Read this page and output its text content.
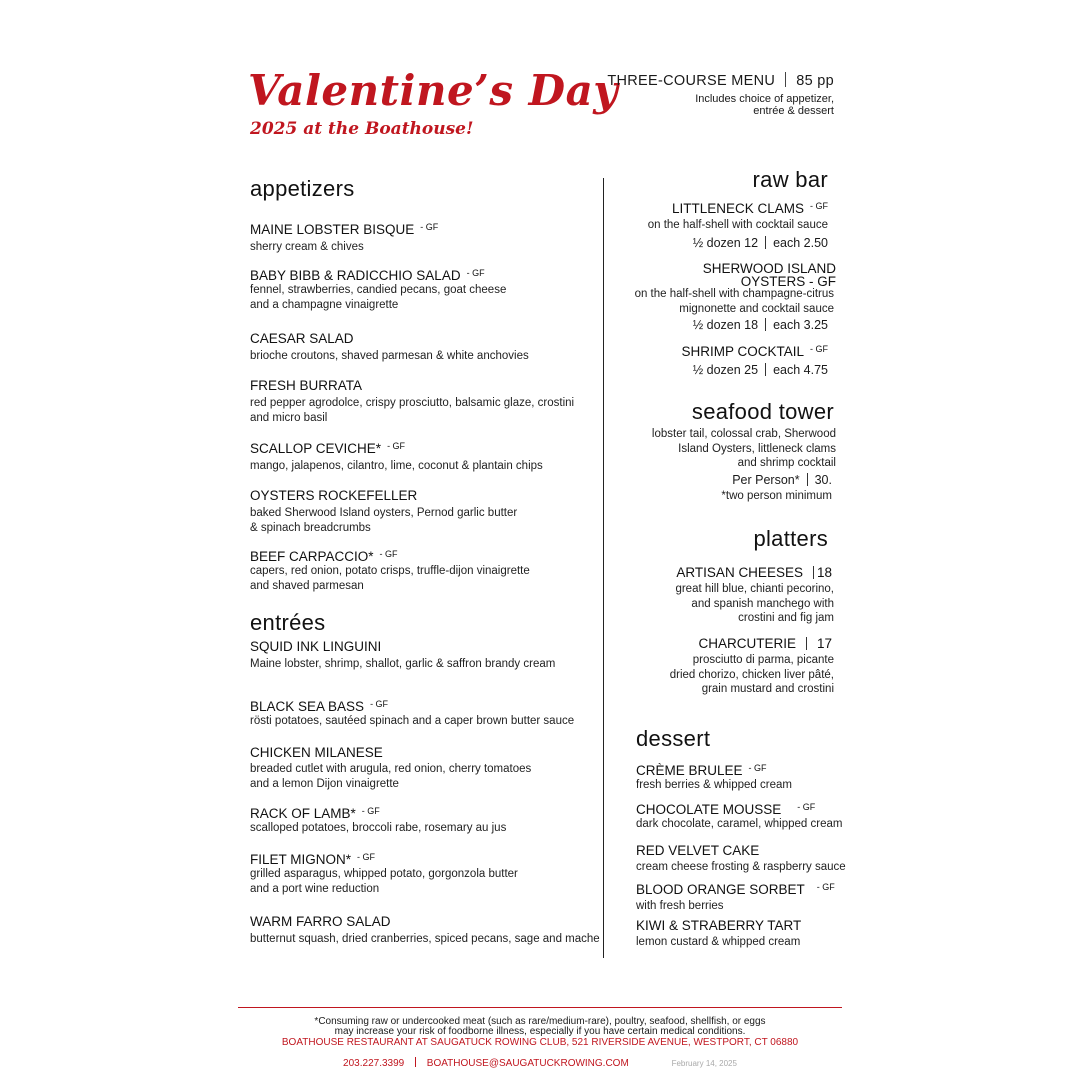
Valentine’s Day
2025 at the Boathouse!
THREE-COURSE MENU 85 pp
Includes choice of appetizer,
entrée & dessert
appetizers
MAINE LOBSTER BISQUE $^{- GF}$
sherry cream & chives
BABY BIBB & RADICCHIO SALAD $^{- GF}$
fennel, strawberries, candied pecans, goat cheese
and a champagne vinaigrette
CAESAR SALAD
brioche croutons, shaved parmesan & white anchovies
FRESH BURRATA
red pepper agrodolce, crispy prosciutto, balsamic glaze, crostini
and micro basil
SCALLOP CEVICHE* $^{- GF}$
mango, jalapenos, cilantro, lime, coconut & plantain chips
OYSTERS ROCKEFELLER
baked Sherwood Island oysters, Pernod garlic butter
& spinach breadcrumbs
BEEF CARPACCIO* $^{- GF}$
capers, red onion, potato crisps, truffle-dijon vinaigrette
and shaved parmesan
entrées
SQUID INK LINGUINI
Maine lobster, shrimp, shallot, garlic & saffron brandy cream
BLACK SEA BASS $^{- GF}$
rösti potatoes, sautéed spinach and a caper brown butter sauce
CHICKEN MILANESE
breaded cutlet with arugula, red onion, cherry tomatoes
and a lemon Dijon vinaigrette
RACK OF LAMB* $^{- GF}$
scalloped potatoes, broccoli rabe, rosemary au jus
FILET MIGNON* $^{- GF}$
grilled asparagus, whipped potato, gorgonzola butter
and a port wine reduction
WARM FARRO SALAD
butternut squash, dried cranberries, spiced pecans, sage and mache
raw bar
LITTLENECK CLAMS $^{- GF}$
on the half-shell with cocktail sauce
½ dozen 12 each 2.50
SHERWOOD ISLAND
OYSTERS - GF
on the half-shell with champagne-citrus
mignonette and cocktail sauce
½ dozen 18 each 3.25
SHRIMP COCKTAIL $^{- GF}$
½ dozen 25 each 4.75
seafood tower
lobster tail, colossal crab, Sherwood
Island Oysters, littleneck clams
and shrimp cocktail
Per Person* 30.
*two person minimum
platters
ARTISAN CHEESES 18
great hill blue, chianti pecorino,
and spanish manchego with
crostini and fig jam
CHARCUTERIE 17
prosciutto di parma, picante
dried chorizo, chicken liver pâté,
grain mustard and crostini
dessert
CRÈME BRULEE $^{- GF}$
fresh berries & whipped cream
CHOCOLATE MOUSSE $^{- GF}$
dark chocolate, caramel, whipped cream
RED VELVET CAKE
cream cheese frosting & raspberry sauce
BLOOD ORANGE SORBET $^{- GF}$
with fresh berries
KIWI & STRABERRY TART
lemon custard & whipped cream
*Consuming raw or undercooked meat (such as rare/medium-rare), poultry, seafood, shellfish, or eggs
may increase your risk of foodborne illness, especially if you have certain medical conditions.
BOATHOUSE RESTAURANT AT SAUGATUCK ROWING CLUB, 521 RIVERSIDE AVENUE, WESTPORT, CT 06880
203.227.3399 BOATHOUSE@SAUGATUCKROWING.COM	February 14, 2025
